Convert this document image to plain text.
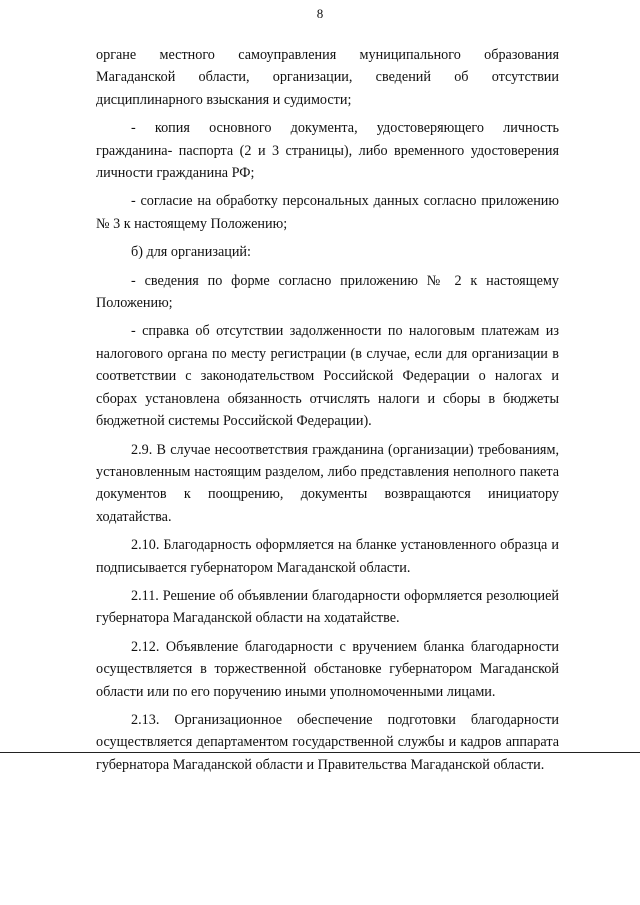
8

органе местного самоуправления муниципального образования Магаданской области, организации, сведений об отсутствии дисциплинарного взыскания и судимости;

- копия основного документа, удостоверяющего личность гражданина- паспорта (2 и 3 страницы), либо временного удостоверения личности гражданина РФ;

- согласие на обработку персональных данных согласно приложению № 3 к настоящему Положению;

б) для организаций:

- сведения по форме согласно приложению № 2 к настоящему Положению;

- справка об отсутствии задолженности по налоговым платежам из налогового органа по месту регистрации (в случае, если для организации в соответствии с законодательством Российской Федерации о налогах и сборах установлена обязанность отчислять налоги и сборы в бюджеты бюджетной системы Российской Федерации).

2.9. В случае несоответствия гражданина (организации) требованиям, установленным настоящим разделом, либо представления неполного пакета документов к поощрению, документы возвращаются инициатору ходатайства.

2.10. Благодарность оформляется на бланке установленного образца и подписывается губернатором Магаданской области.

2.11. Решение об объявлении благодарности оформляется резолюцией губернатора Магаданской области на ходатайстве.

2.12. Объявление благодарности с вручением бланка благодарности осуществляется в торжественной обстановке губернатором Магаданской области или по его поручению иными уполномоченными лицами.

2.13. Организационное обеспечение подготовки благодарности осуществляется департаментом государственной службы и кадров аппарата губернатора Магаданской области и Правительства Магаданской области.
